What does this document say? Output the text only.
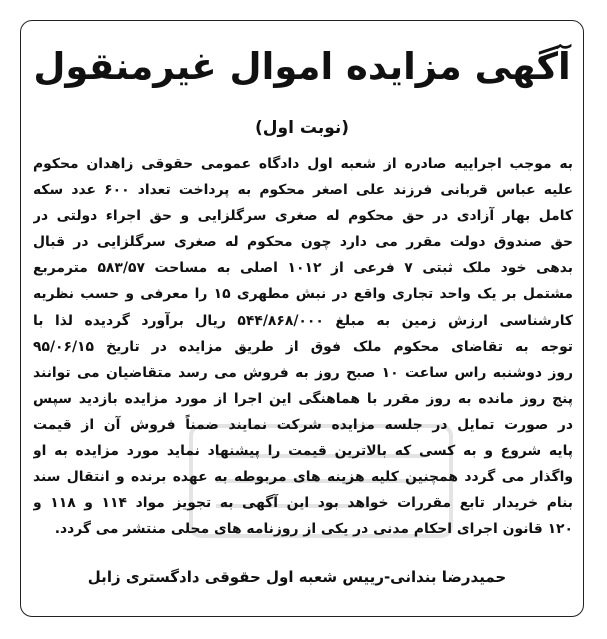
آگهی مزایده اموال غیرمنقول
(نوبت اول)
به موجب اجراییه صادره از شعبه اول دادگاه عمومی حقوقی زاهدان محکوم
علیه عباس قربانی فرزند علی اصغر محکوم به پرداخت تعداد ۶۰۰ عدد سکه
کامل بهار آزادی در حق محکوم له صغری سرگلزایی و حق اجراء دولتی در
حق صندوق دولت مقرر می دارد چون محکوم له صغری سرگلزایی در قبال
بدهی خود ملک ثبتی ۷ فرعی از ۱۰۱۲ اصلی به مساحت ۵۸۳/۵۷ مترمربع
مشتمل بر یک واحد تجاری واقع در نبش مطهری ۱۵ را معرفی و حسب نظریه
کارشناسی ارزش زمین به مبلغ ۵۴۴/۸۶۸/۰۰۰ ریال برآورد گردیده لذا با
توجه به تقاضای محکوم ملک فوق از طریق مزایده در تاریخ ۹۵/۰۶/۱۵
روز دوشنبه راس ساعت ۱۰ صبح روز به فروش می رسد متقاضیان می توانند
پنج روز مانده به روز مقرر با هماهنگی این اجرا از مورد مزایده بازدید سپس
در صورت تمایل در جلسه مزایده شرکت نمایند ضمناً فروش آن از قیمت
پایه شروع و به کسی که بالاترین قیمت را پیشنهاد نماید مورد مزایده به او
واگذار می گردد همچنین کلیه هزینه های مربوطه به عهده برنده و انتقال سند
بنام خریدار تابع مقررات خواهد بود این آگهی به تجویز مواد ۱۱۴ و ۱۱۸ و
۱۲۰ قانون اجرای احکام مدنی در یکی از روزنامه های محلی منتشر می گردد.
حمیدرضا بندانی-رییس شعبه اول حقوقی دادگستری زابل
